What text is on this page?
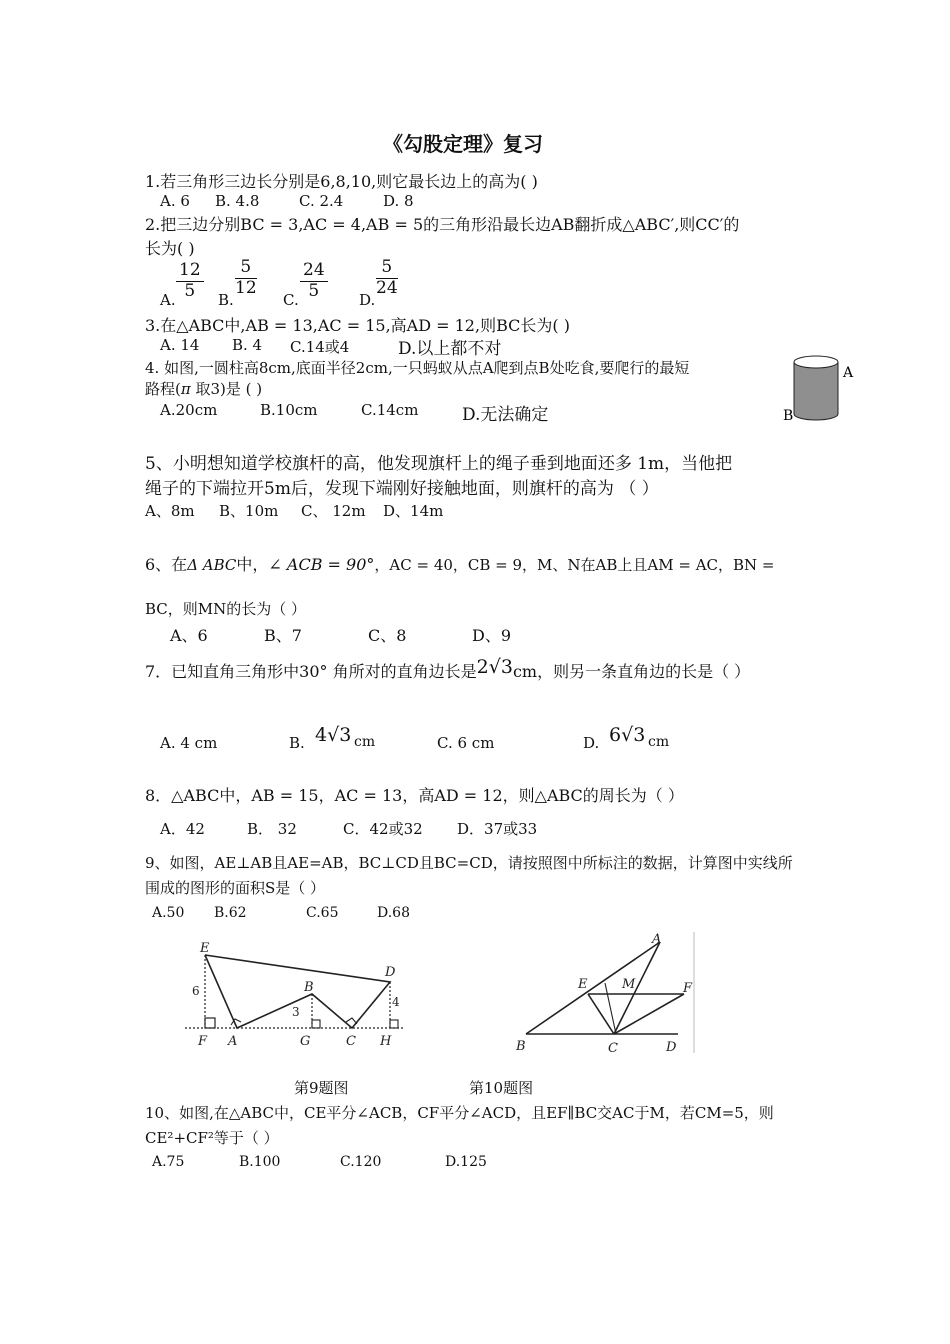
《勾股定理》复习
1.若三角形三边长分别是6,8,10,则它最长边上的高为( )
A. 6 B. 4.8	C. 2.4	D. 8
2.把三边分别BC = 3,AC = 4,AB = 5的三角形沿最长边AB翻折成△ABC′,则CC′的
长为( )
$\frac{12}{5} \frac{5}{12}$	$\frac{24}{5}$	$\frac{5}{24}$
A.	B.	C.	D.
3.在△ABC中,AB = 13,AC = 15,高AD = 12,则BC长为( )
A. 14 B. 4 C.14或4	D.以上都不对
4. 如图,一圆柱高8cm,底面半径2cm,一只蚂蚁从点A爬到点B处吃食,要爬行的最短
路程(π 取3)是 ( )
A.20cm	B.10cm	C.14cm	D.无法确定
A
B
5、小明想知道学校旗杆的高，他发现旗杆上的绳子垂到地面还多 1m，当他把
绳子的下端拉开5m后，发现下端刚好接触地面，则旗杆的高为 （ ）
A、8m B、10m C、 12m D、14m
6、在Δ ABC中，∠ ACB = 90°，AC = 40，CB = 9，M、N在AB上且AM = AC，BN =
BC，则MN的长为（ ）
A、6	B、7	C、8	D、9
7．已知直角三角形中30° 角所对的直角边长是2√3cm，则另一条直角边的长是（ ）
A. 4 cm	B. 4√3 cm	C. 6 cm	D. 6√3 cm
8．△ABC中，AB = 15，AC = 13，高AD = 12，则△ABC的周长为（ ）
A．42	B． 32	C．42或32 D．37或33
9、如图，AE⊥AB且AE=AB，BC⊥CD且BC=CD，请按照图中所标注的数据，计算图中实线所
围成的图形的面积S是（ ）
A.50 B.62	C.65	D.68
E
D
B
F A	G	C H
6
3
4
A
E	M	F
B	C	D
第9题图	第10题图
10、如图,在△ABC中，CE平分∠ACB，CF平分∠ACD，且EF∥BC交AC于M，若CM=5，则
CE²+CF²等于（ ）
A.75	B.100	C.120	D.125
